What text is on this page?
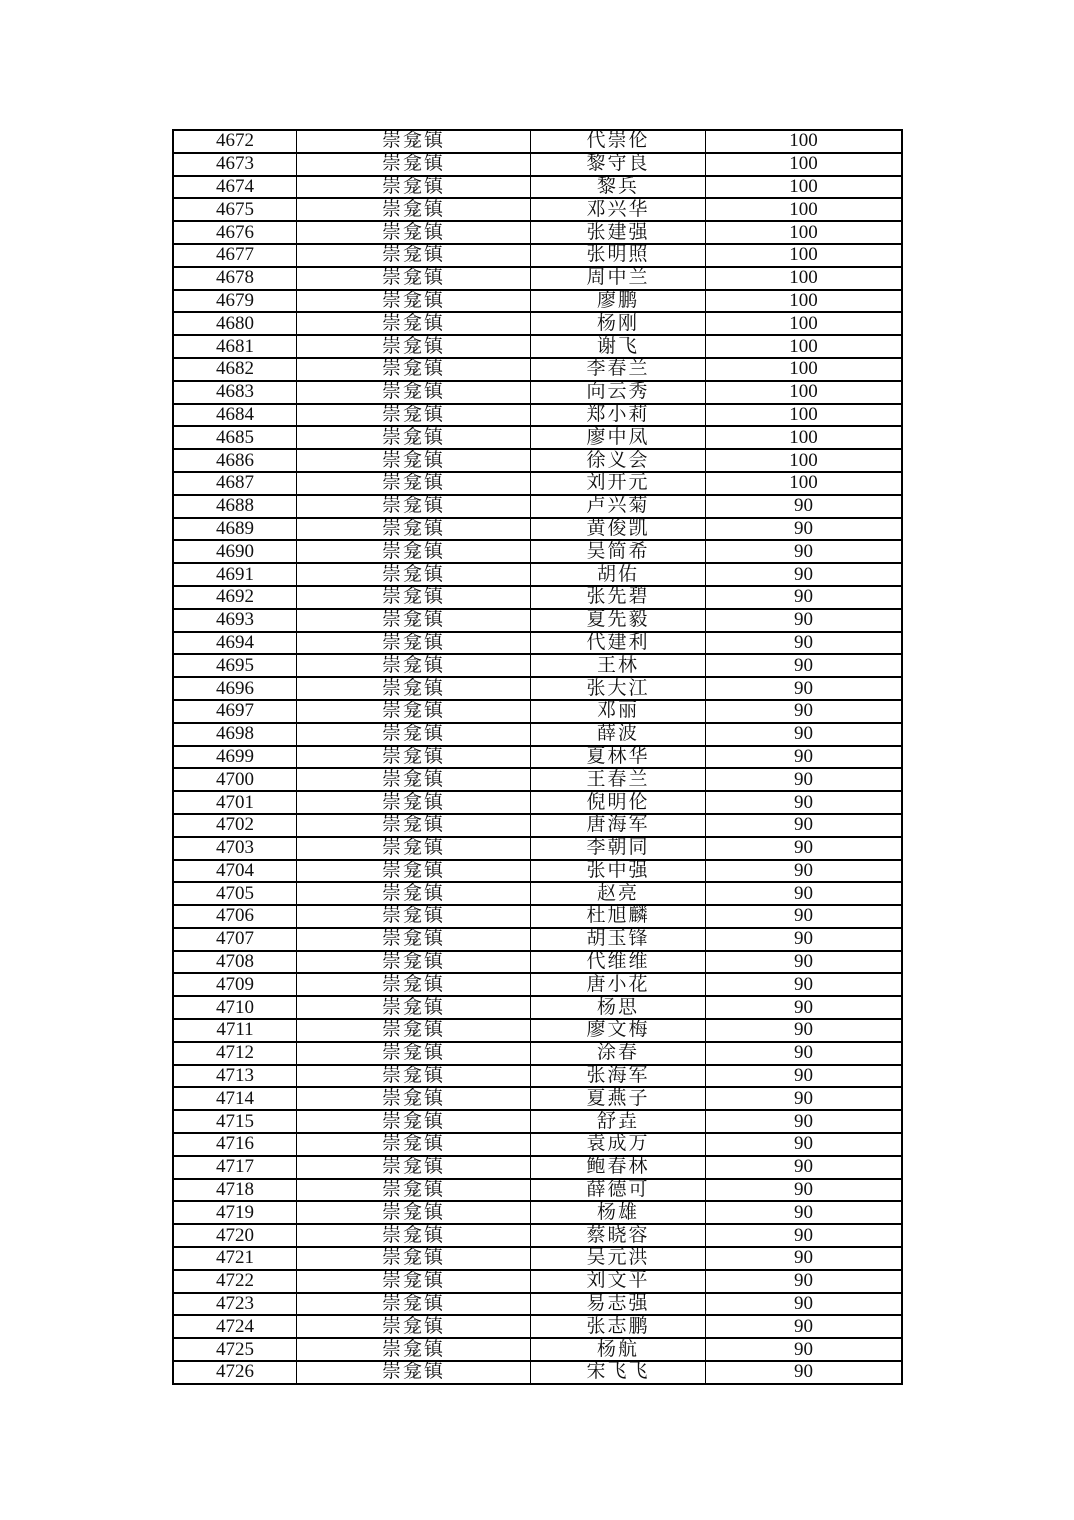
4672	崇龛镇	代崇伦	100
4673	崇龛镇	黎守良	100
4674	崇龛镇	黎兵	100
4675	崇龛镇	邓兴华	100
4676	崇龛镇	张建强	100
4677	崇龛镇	张明照	100
4678	崇龛镇	周中兰	100
4679	崇龛镇	廖鹏	100
4680	崇龛镇	杨刚	100
4681	崇龛镇	谢飞	100
4682	崇龛镇	李春兰	100
4683	崇龛镇	向云秀	100
4684	崇龛镇	郑小莉	100
4685	崇龛镇	廖中凤	100
4686	崇龛镇	徐义会	100
4687	崇龛镇	刘开元	100
4688	崇龛镇	卢兴菊	90
4689	崇龛镇	黄俊凯	90
4690	崇龛镇	吴简希	90
4691	崇龛镇	胡佑	90
4692	崇龛镇	张先碧	90
4693	崇龛镇	夏先毅	90
4694	崇龛镇	代建利	90
4695	崇龛镇	王林	90
4696	崇龛镇	张大江	90
4697	崇龛镇	邓丽	90
4698	崇龛镇	薛波	90
4699	崇龛镇	夏林华	90
4700	崇龛镇	王春兰	90
4701	崇龛镇	倪明伦	90
4702	崇龛镇	唐海军	90
4703	崇龛镇	李朝同	90
4704	崇龛镇	张中强	90
4705	崇龛镇	赵亮	90
4706	崇龛镇	杜旭麟	90
4707	崇龛镇	胡玉锋	90
4708	崇龛镇	代维维	90
4709	崇龛镇	唐小花	90
4710	崇龛镇	杨思	90
4711	崇龛镇	廖文梅	90
4712	崇龛镇	涂春	90
4713	崇龛镇	张海军	90
4714	崇龛镇	夏燕子	90
4715	崇龛镇	舒垚	90
4716	崇龛镇	袁成万	90
4717	崇龛镇	鲍春林	90
4718	崇龛镇	薛德可	90
4719	崇龛镇	杨雄	90
4720	崇龛镇	蔡晓容	90
4721	崇龛镇	吴元洪	90
4722	崇龛镇	刘文平	90
4723	崇龛镇	易志强	90
4724	崇龛镇	张志鹏	90
4725	崇龛镇	杨航	90
4726	崇龛镇	宋飞飞	90
